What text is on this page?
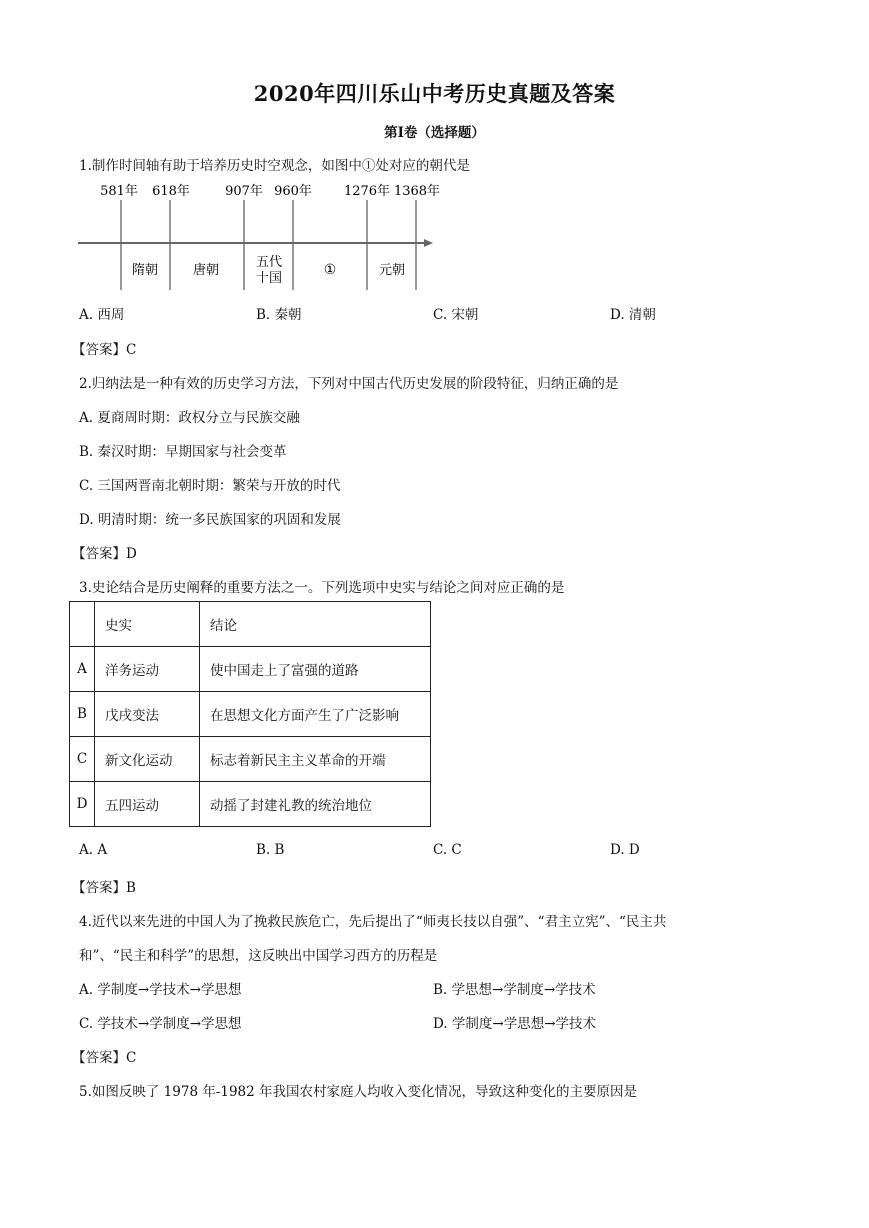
2020年四川乐山中考历史真题及答案
第Ⅰ卷（选择题）
1.制作时间轴有助于培养历史时空观念，如图中①处对应的朝代是
581年 618年	907年 960年 1276年 1368年
隋朝	唐朝
五代
十国
①	元朝
A. 西周	B. 秦朝	C. 宋朝	D. 清朝
【答案】C
2.归纳法是一种有效的历史学习方法，下列对中国古代历史发展的阶段特征，归纳正确的是
A. 夏商周时期：政权分立与民族交融
B. 秦汉时期：早期国家与社会变革
C. 三国两晋南北朝时期：繁荣与开放的时代
D. 明清时期：统一多民族国家的巩固和发展
【答案】D
3.史论结合是历史阐释的重要方法之一。下列选项中史实与结论之间对应正确的是
	史实	结论
A	洋务运动	使中国走上了富强的道路
B	戊戌变法	在思想文化方面产生了广泛影响
C	新文化运动	标志着新民主主义革命的开端
D	五四运动	动摇了封建礼教的统治地位
A. A	B. B	C. C	D. D
【答案】B
4.近代以来先进的中国人为了挽救民族危亡，先后提出了“师夷长技以自强”、“君主立宪”、“民主共
和”、“民主和科学”的思想，这反映出中国学习西方的历程是
A. 学制度→学技术→学思想	B. 学思想→学制度→学技术
C. 学技术→学制度→学思想	D. 学制度→学思想→学技术
【答案】C
5.如图反映了 1978 年-1982 年我国农村家庭人均收入变化情况，导致这种变化的主要原因是
